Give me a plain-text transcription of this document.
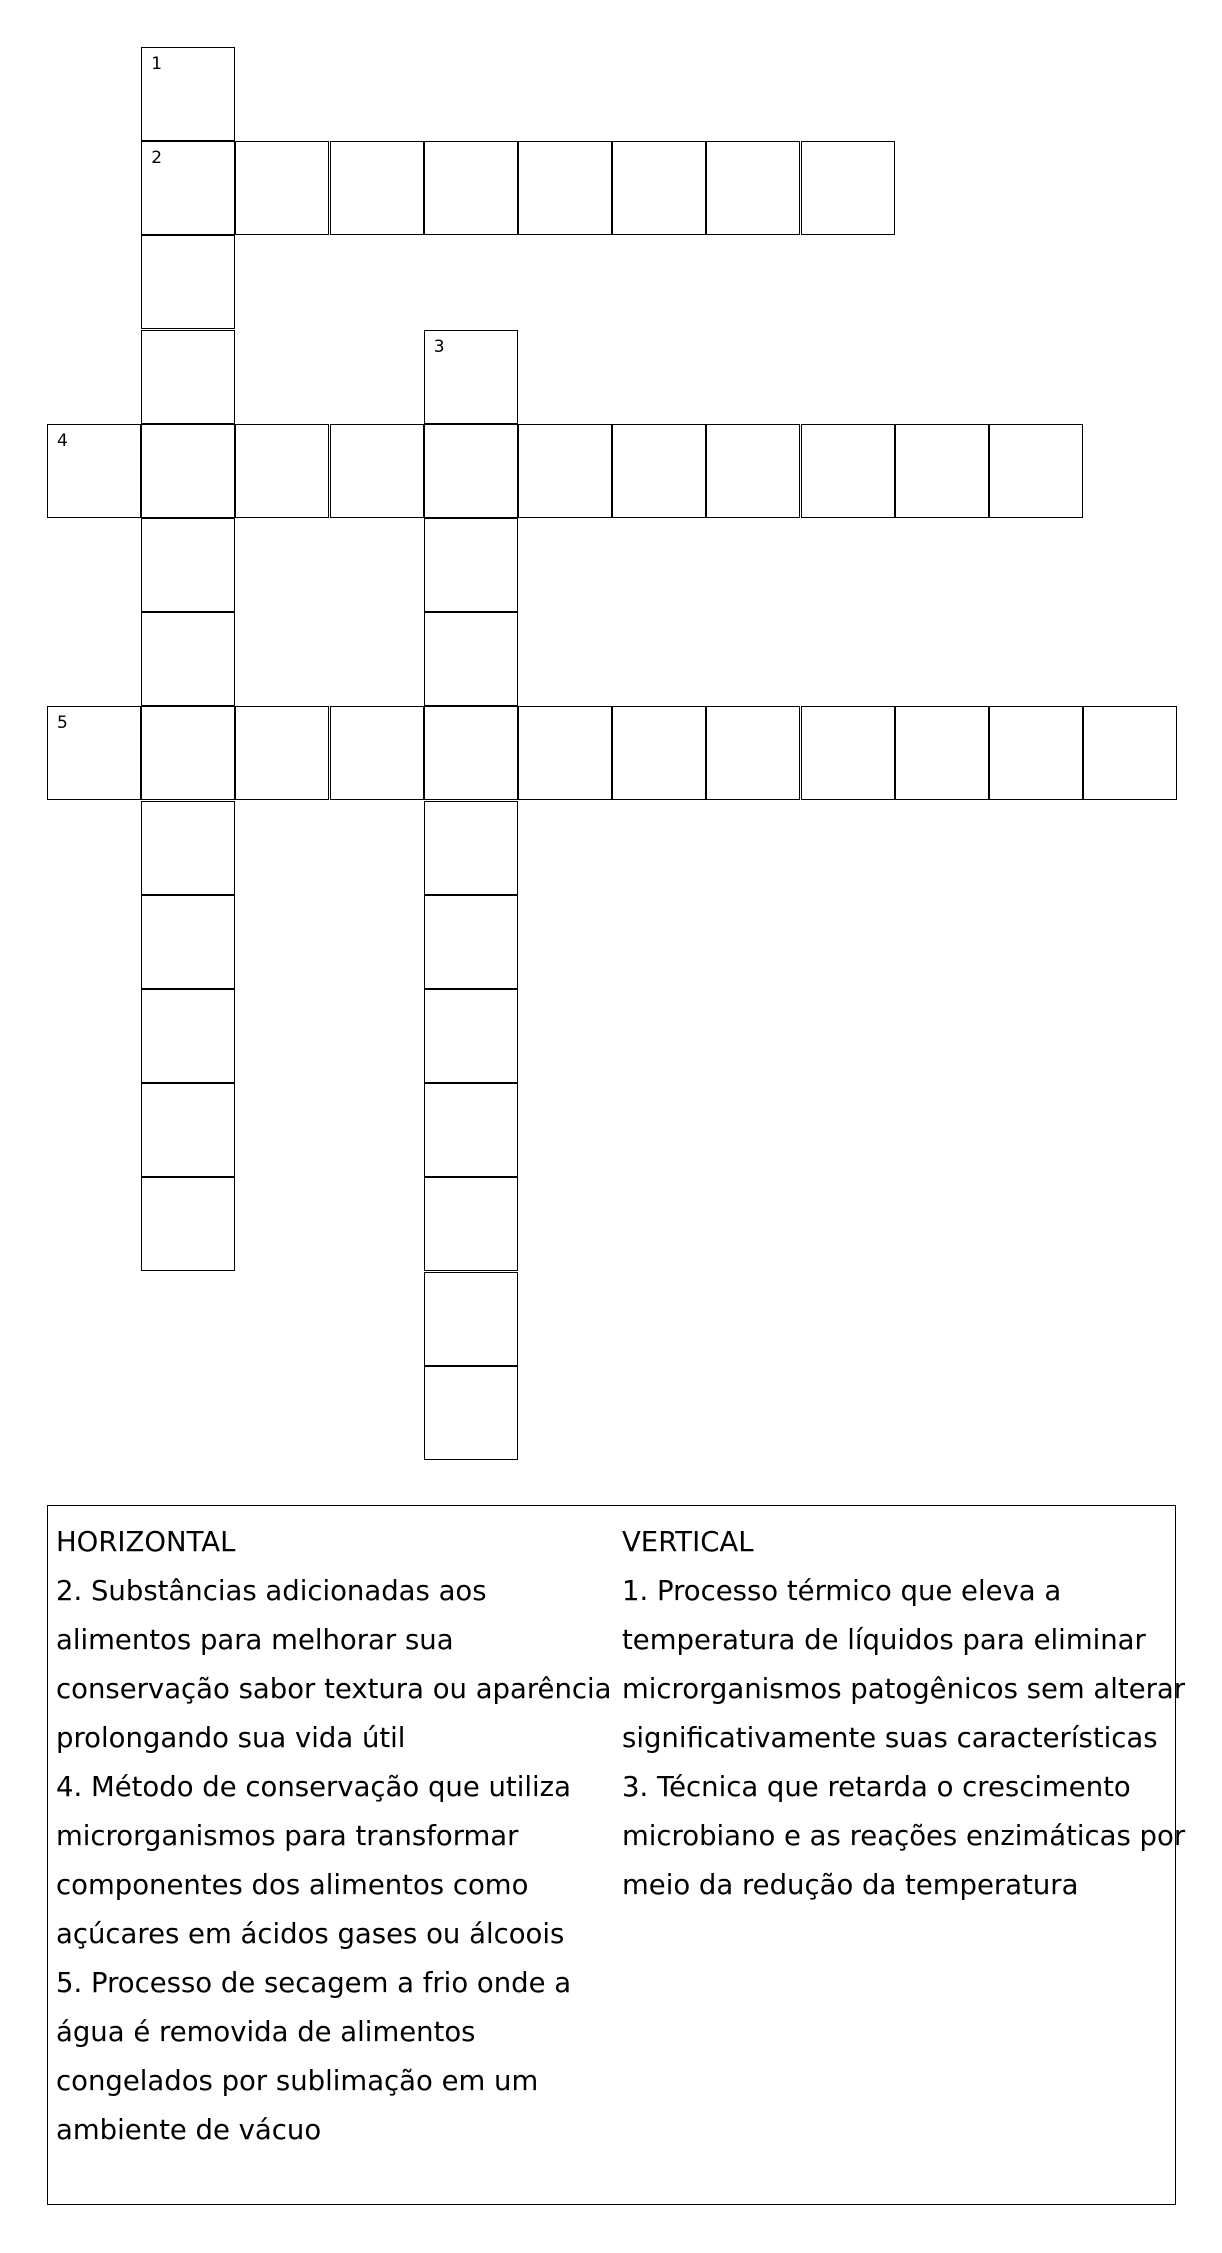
1
2
3
4
5

HORIZONTAL

2. Substâncias adicionadas aos

alimentos para melhorar sua

conservação sabor textura ou aparência

prolongando sua vida útil

4. Método de conservação que utiliza

microrganismos para transformar

componentes dos alimentos como

açúcares em ácidos gases ou álcoois

5. Processo de secagem a frio onde a

água é removida de alimentos

congelados por sublimação em um

ambiente de vácuo

VERTICAL

1. Processo térmico que eleva a

temperatura de líquidos para eliminar

microrganismos patogênicos sem alterar

significativamente suas características

3. Técnica que retarda o crescimento

microbiano e as reações enzimáticas por

meio da redução da temperatura
